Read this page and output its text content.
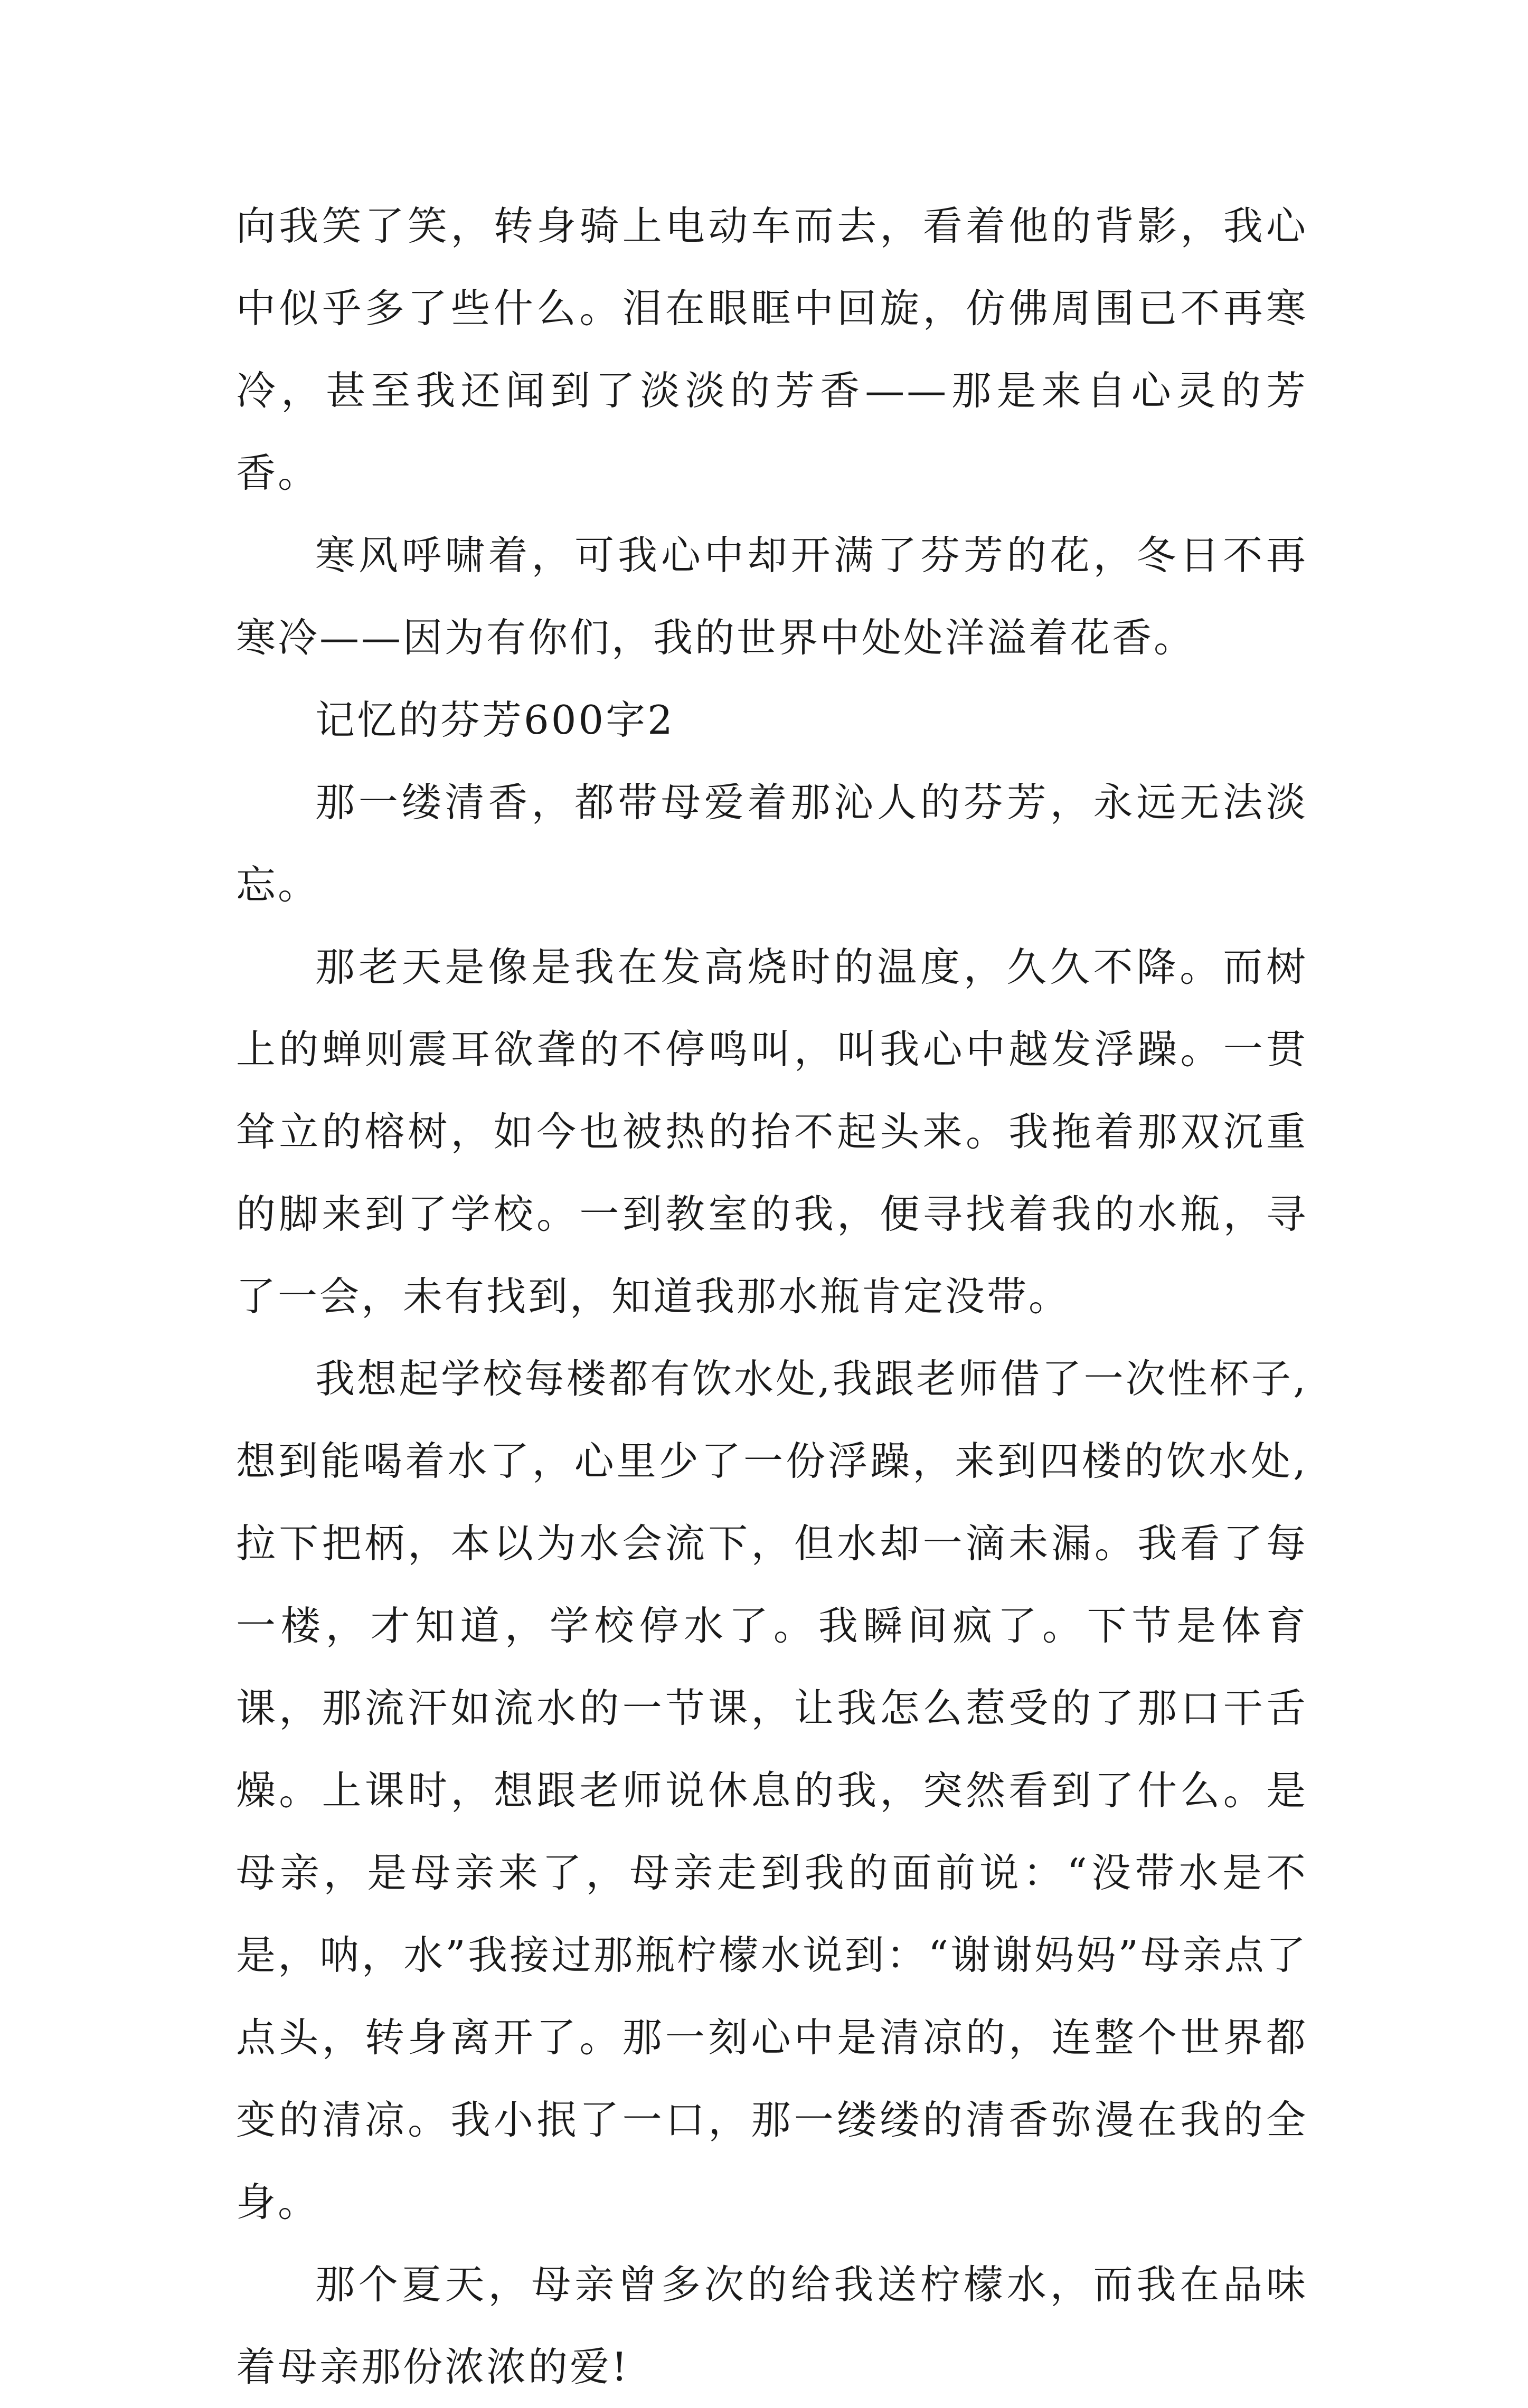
向我笑了笑，转身骑上电动车而去，看着他的背影，我心中似乎多了些什么。泪在眼眶中回旋，仿佛周围已不再寒冷，甚至我还闻到了淡淡的芳香——那是来自心灵的芳香。

寒风呼啸着，可我心中却开满了芬芳的花，冬日不再寒冷——因为有你们，我的世界中处处洋溢着花香。

记忆的芬芳600字2

那一缕清香，都带母爱着那沁人的芬芳，永远无法淡忘。

那老天是像是我在发高烧时的温度，久久不降。而树上的蝉则震耳欲聋的不停鸣叫，叫我心中越发浮躁。一贯耸立的榕树，如今也被热的抬不起头来。我拖着那双沉重的脚来到了学校。一到教室的我，便寻找着我的水瓶，寻了一会，未有找到，知道我那水瓶肯定没带。

我想起学校每楼都有饮水处,我跟老师借了一次性杯子,想到能喝着水了，心里少了一份浮躁，来到四楼的饮水处,拉下把柄，本以为水会流下，但水却一滴未漏。我看了每一楼，才知道，学校停水了。我瞬间疯了。下节是体育课，那流汗如流水的一节课，让我怎么惹受的了那口干舌燥。上课时，想跟老师说休息的我，突然看到了什么。是母亲，是母亲来了，母亲走到我的面前说：“没带水是不是，呐，水”我接过那瓶柠檬水说到：“谢谢妈妈”母亲点了点头，转身离开了。那一刻心中是清凉的，连整个世界都变的清凉。我小抿了一口，那一缕缕的清香弥漫在我的全身。

那个夏天，母亲曾多次的给我送柠檬水，而我在品味着母亲那份浓浓的爱!
